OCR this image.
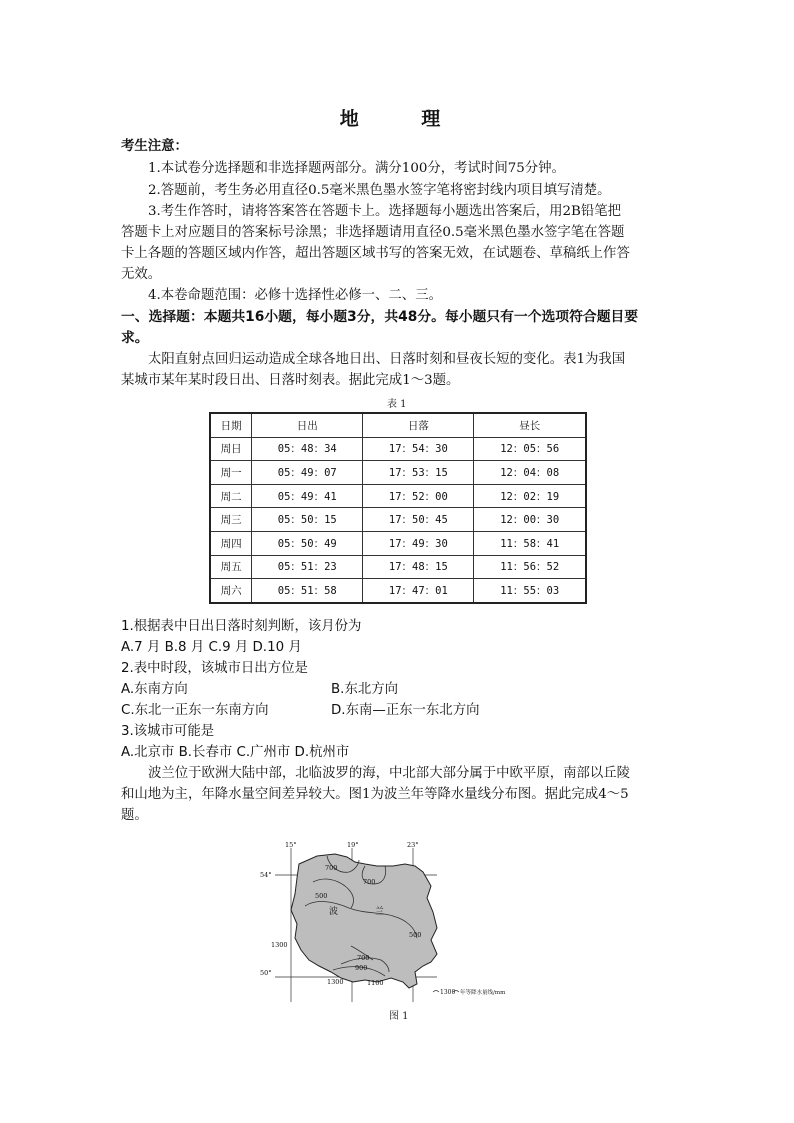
地 理
考生注意：
1.本试卷分选择题和非选择题两部分。满分100分，考试时间75分钟。
2.答题前，考生务必用直径0.5毫米黑色墨水签字笔将密封线内项目填写清楚。
3.考生作答时，请将答案答在答题卡上。选择题每小题选出答案后，用2B铅笔把
答题卡上对应题目的答案标号涂黑；非选择题请用直径0.5毫米黑色墨水签字笔在答题
卡上各题的答题区域内作答，超出答题区域书写的答案无效，在试题卷、草稿纸上作答
无效。
4.本卷命题范围：必修十选择性必修一、二、三。
一、选择题：本题共16小题，每小题3分，共48分。每小题只有一个选项符合题目要
求。
太阳直射点回归运动造成全球各地日出、日落时刻和昼夜长短的变化。表1为我国
某城市某年某时段日出、日落时刻表。据此完成1～3题。
表 1
日期	日出	日落	昼长
周日	05：48：34	17：54：30	12：05：56
周一	05：49：07	17：53：15	12：04：08
周二	05：49：41	17：52：00	12：02：19
周三	05：50：15	17：50：45	12：00：30
周四	05：50：49	17：49：30	11：58：41
周五	05：51：23	17：48：15	11：56：52
周六	05：51：58	17：47：01	11：55：03
1.根据表中日出日落时刻判断，该月份为
A.7 月 B.8 月 C.9 月 D.10 月
2.表中时段，该城市日出方位是
A.东南方向	B.东北方向
C.东北一正东一东南方向	D.东南—正东一东北方向
3.该城市可能是
A.北京市 B.长春市 C.广州市 D.杭州市
波兰位于欧洲大陆中部，北临波罗的海，中北部大部分属于中欧平原，南部以丘陵
和山地为主，年降水量空间差异较大。图1为波兰年等降水量线分布图。据此完成4～5
题。
15°	19°	23°
54°
50°
700
700
500
500
700
900
1300
1300	1100
1300 年等降水量线/mm
波	兰
图 1
